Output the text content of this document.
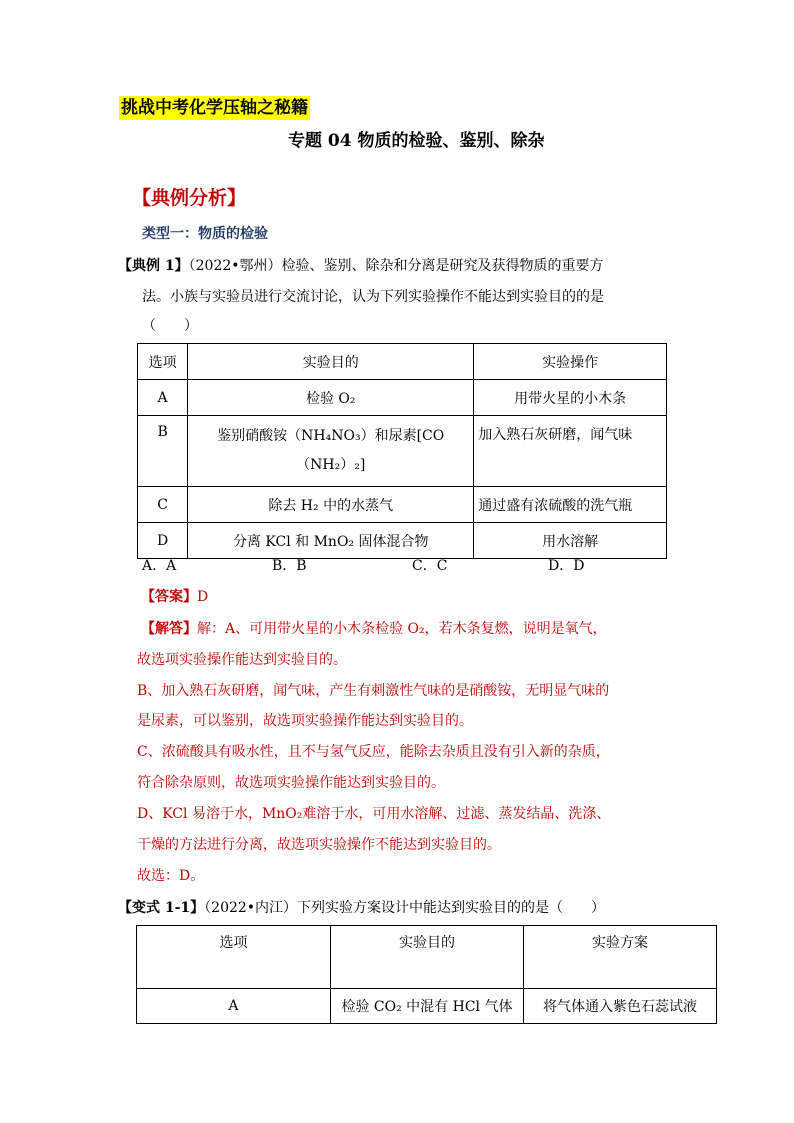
挑战中考化学压轴之秘籍
专题 04 物质的检验、鉴别、除杂
【典例分析】
类型一：物质的检验
【典例 1】（2022•鄂州）检验、鉴别、除杂和分离是研究及获得物质的重要方
法。小族与实验员进行交流讨论，认为下列实验操作不能达到实验目的的是
（　　）
选项	实验目的	实验操作
A	检验 O₂	用带火星的小木条
B	鉴别硝酸铵（NH₄NO₃）和尿素[CO（NH₂）₂]	加入熟石灰研磨，闻气味
C	除去 H₂ 中的水蒸气	通过盛有浓硫酸的洗气瓶
D	分离 KCl 和 MnO₂ 固体混合物	用水溶解
A．A	B．B	C．C	D．D
【答案】D
【解答】解：A、可用带火星的小木条检验 O₂，若木条复燃，说明是氧气，
故选项实验操作能达到实验目的。
B、加入熟石灰研磨，闻气味，产生有刺激性气味的是硝酸铵，无明显气味的
是尿素，可以鉴别，故选项实验操作能达到实验目的。
C、浓硫酸具有吸水性，且不与氢气反应，能除去杂质且没有引入新的杂质，
符合除杂原则，故选项实验操作能达到实验目的。
D、KCl 易溶于水，MnO₂难溶于水，可用水溶解、过滤、蒸发结晶、洗涤、
干燥的方法进行分离，故选项实验操作不能达到实验目的。
故选：D。
【变式 1-1】（2022•内江）下列实验方案设计中能达到实验目的的是（　　）
选项	实验目的	实验方案
A	检验 CO₂ 中混有 HCl 气体	将气体通入紫色石蕊试液
